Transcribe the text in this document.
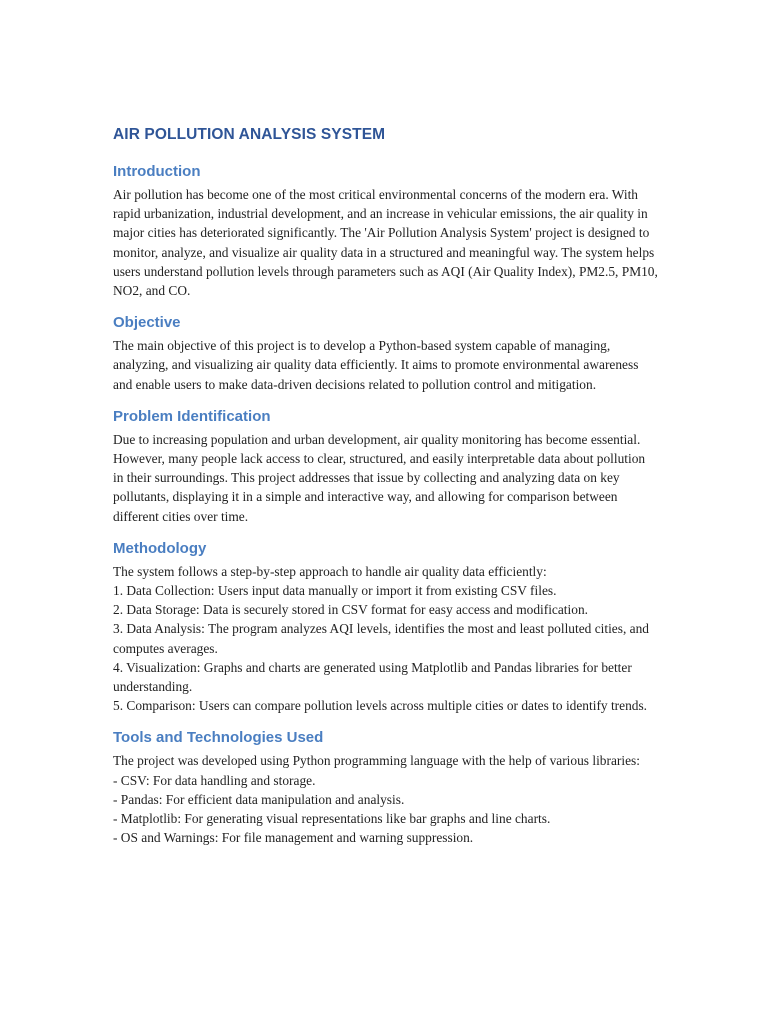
AIR POLLUTION ANALYSIS SYSTEM
Introduction

Air pollution has become one of the most critical environmental concerns of the modern era. With rapid urbanization, industrial development, and an increase in vehicular emissions, the air quality in major cities has deteriorated significantly. The 'Air Pollution Analysis System' project is designed to monitor, analyze, and visualize air quality data in a structured and meaningful way. The system helps users understand pollution levels through parameters such as AQI (Air Quality Index), PM2.5, PM10, NO2, and CO.

Objective

The main objective of this project is to develop a Python-based system capable of managing, analyzing, and visualizing air quality data efficiently. It aims to promote environmental awareness and enable users to make data-driven decisions related to pollution control and mitigation.

Problem Identification

Due to increasing population and urban development, air quality monitoring has become essential. However, many people lack access to clear, structured, and easily interpretable data about pollution in their surroundings. This project addresses that issue by collecting and analyzing data on key pollutants, displaying it in a simple and interactive way, and allowing for comparison between different cities over time.

Methodology

The system follows a step-by-step approach to handle air quality data efficiently:

1. Data Collection: Users input data manually or import it from existing CSV files.

2. Data Storage: Data is securely stored in CSV format for easy access and modification.

3. Data Analysis: The program analyzes AQI levels, identifies the most and least polluted cities, and computes averages.

4. Visualization: Graphs and charts are generated using Matplotlib and Pandas libraries for better understanding.

5. Comparison: Users can compare pollution levels across multiple cities or dates to identify trends.

Tools and Technologies Used

The project was developed using Python programming language with the help of various libraries:

- CSV: For data handling and storage.

- Pandas: For efficient data manipulation and analysis.

- Matplotlib: For generating visual representations like bar graphs and line charts.

- OS and Warnings: For file management and warning suppression.
